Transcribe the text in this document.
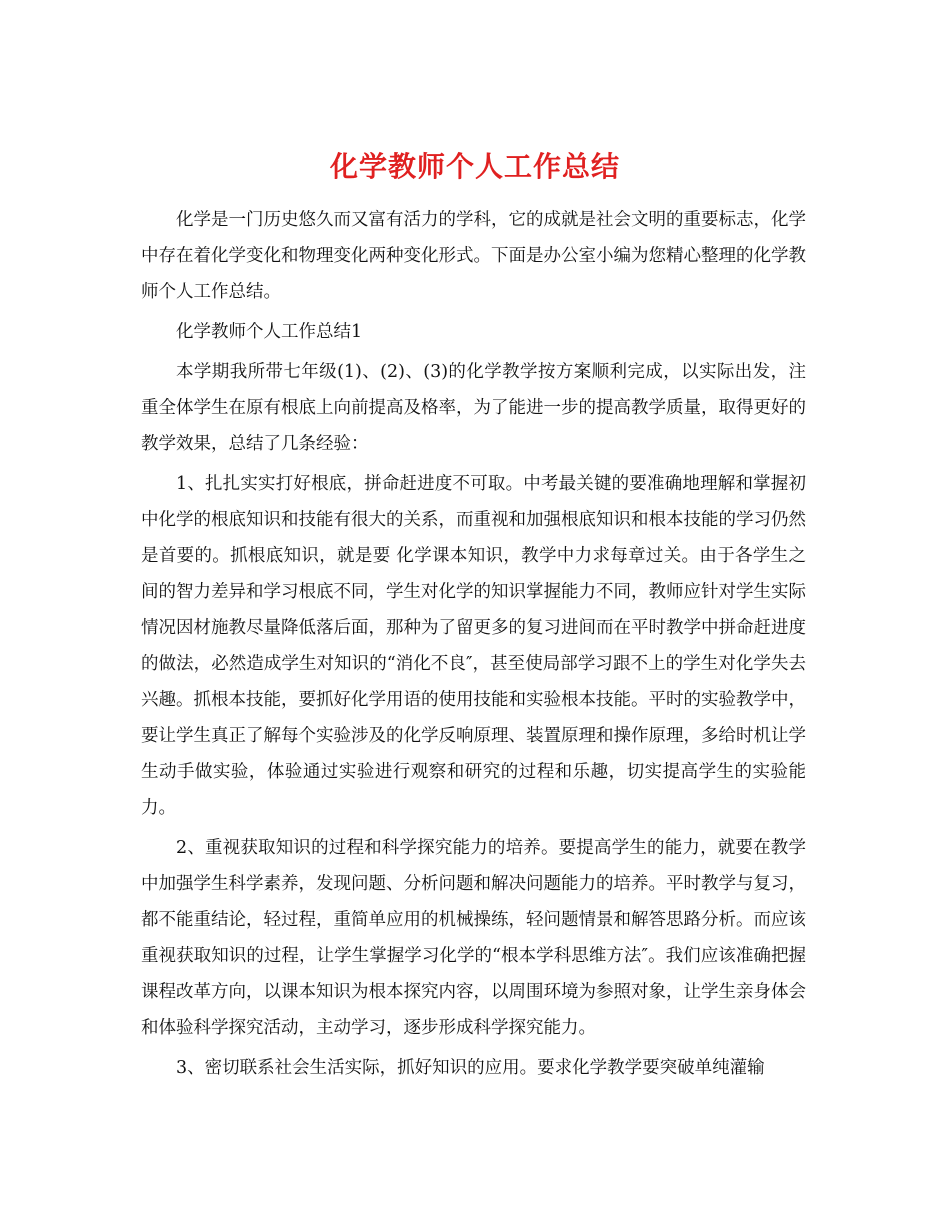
化学教师个人工作总结

化学是一门历史悠久而又富有活力的学科，它的成就是社会文明的重要标志，化学中存在着化学变化和物理变化两种变化形式。下面是办公室小编为您精心整理的化学教师个人工作总结。

化学教师个人工作总结1

本学期我所带七年级(1)、(2)、(3)的化学教学按方案顺利完成，以实际出发，注重全体学生在原有根底上向前提高及格率，为了能进一步的提高教学质量，取得更好的教学效果，总结了几条经验：

1、扎扎实实打好根底，拼命赶进度不可取。中考最关键的要准确地理解和掌握初中化学的根底知识和技能有很大的关系，而重视和加强根底知识和根本技能的学习仍然是首要的。抓根底知识，就是要 化学课本知识，教学中力求每章过关。由于各学生之间的智力差异和学习根底不同，学生对化学的知识掌握能力不同，教师应针对学生实际情况因材施教尽量降低落后面，那种为了留更多的复习进间而在平时教学中拼命赶进度的做法，必然造成学生对知识的“消化不良″，甚至使局部学习跟不上的学生对化学失去兴趣。抓根本技能，要抓好化学用语的使用技能和实验根本技能。平时的实验教学中，要让学生真正了解每个实验涉及的化学反响原理、装置原理和操作原理，多给时机让学生动手做实验，体验通过实验进行观察和研究的过程和乐趣，切实提高学生的实验能力。

2、重视获取知识的过程和科学探究能力的培养。要提高学生的能力，就要在教学中加强学生科学素养，发现问题、分析问题和解决问题能力的培养。平时教学与复习，都不能重结论，轻过程，重简单应用的机械操练，轻问题情景和解答思路分析。而应该重视获取知识的过程，让学生掌握学习化学的“根本学科思维方法″。我们应该准确把握课程改革方向，以课本知识为根本探究内容，以周围环境为参照对象，让学生亲身体会和体验科学探究活动，主动学习，逐步形成科学探究能力。

3、密切联系社会生活实际，抓好知识的应用。要求化学教学要突破单纯灌输
